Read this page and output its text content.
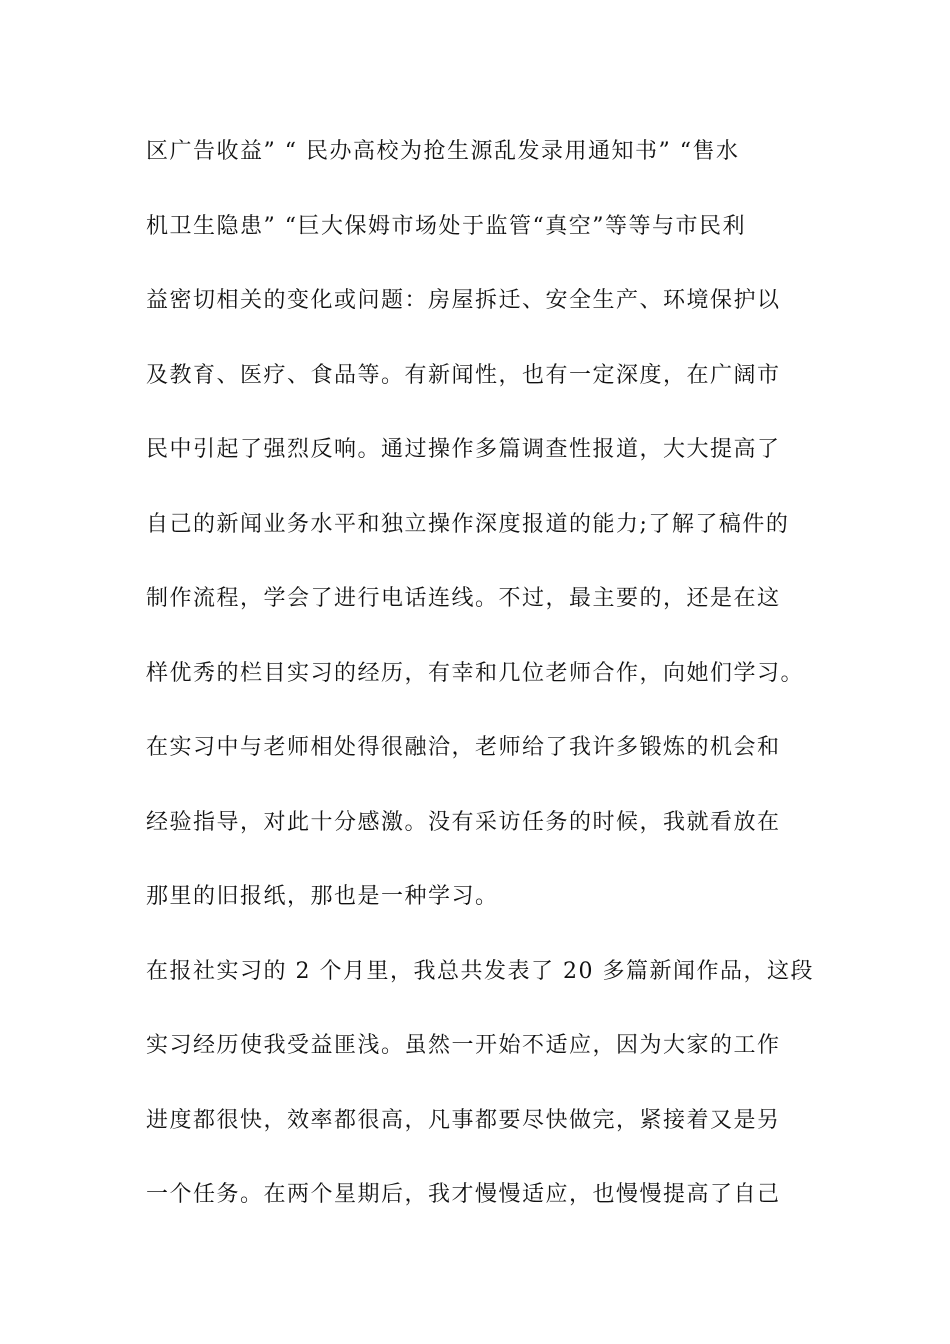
区广告收益” “ 民办高校为抢生源乱发录用通知书” “售水
机卫生隐患” “巨大保姆市场处于监管“真空”等等与市民利
益密切相关的变化或问题：房屋拆迁、安全生产、环境保护以
及教育、医疗、食品等。有新闻性，也有一定深度，在广阔市
民中引起了强烈反响。通过操作多篇调查性报道，大大提高了
自己的新闻业务水平和独立操作深度报道的能力;了解了稿件的
制作流程，学会了进行电话连线。不过，最主要的，还是在这
样优秀的栏目实习的经历，有幸和几位老师合作，向她们学习。
在实习中与老师相处得很融洽，老师给了我许多锻炼的机会和
经验指导，对此十分感激。没有采访任务的时候，我就看放在
那里的旧报纸，那也是一种学习。
在报社实习的 2 个月里，我总共发表了 20 多篇新闻作品，这段
实习经历使我受益匪浅。虽然一开始不适应，因为大家的工作
进度都很快，效率都很高，凡事都要尽快做完，紧接着又是另
一个任务。在两个星期后，我才慢慢适应，也慢慢提高了自己
